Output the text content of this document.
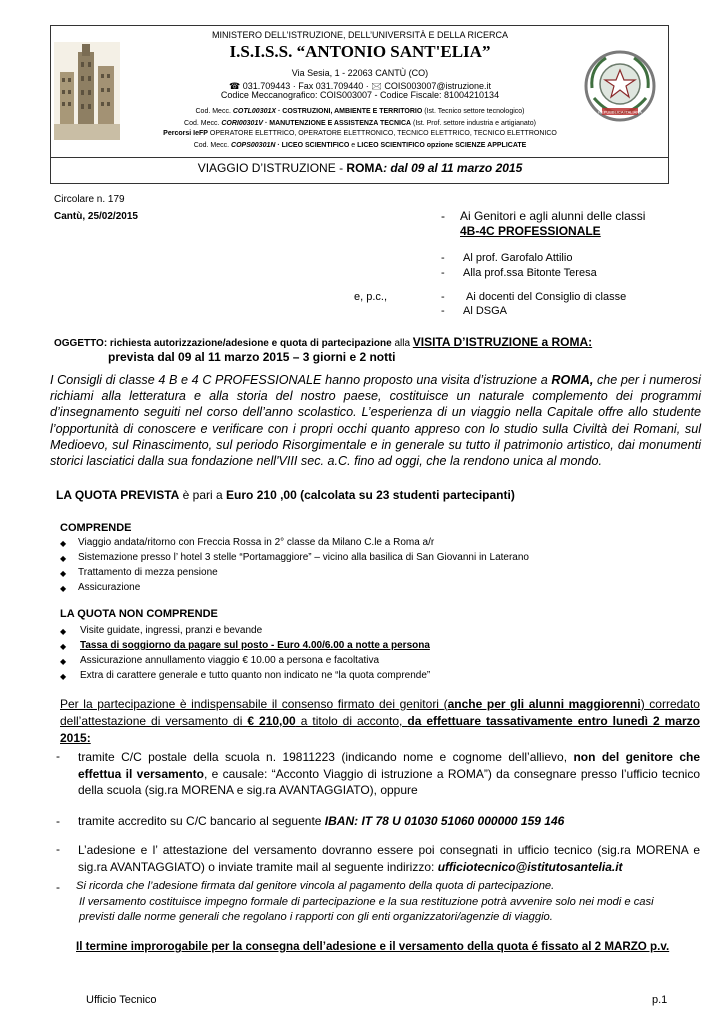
REPUBBLICA ITALIANA
MINISTERO DELL’ISTRUZIONE, DELL’UNIVERSITÀ E DELLA RICERCA
I.S.I.S.S. “ANTONIO SANT'ELIA”
Via Sesia, 1 - 22063 CANTÙ (CO)
☎ 031.709443 · Fax 031.709440 · 🖂 COIS003007@istruzione.it
Codice Meccanografico: COIS003007 - Codice Fiscale: 81004210134
Cod. Mecc. COTL00301X · COSTRUZIONI, AMBIENTE E TERRITORIO (Ist. Tecnico settore tecnologico)
Cod. Mecc. CORI00301V · MANUTENZIONE E ASSISTENZA TECNICA (Ist. Prof. settore industria e artigianato)
Percorsi IeFP OPERATORE ELETTRICO, OPERATORE ELETTRONICO, TECNICO ELETTRICO, TECNICO ELETTRONICO
Cod. Mecc. COPS00301N · LICEO SCIENTIFICO e LICEO SCIENTIFICO opzione SCIENZE APPLICATE
VIAGGIO D’ISTRUZIONE - ROMA: dal 09 al 11 marzo 2015
Circolare n. 179
Cantù, 25/02/2015	- Ai Genitori e agli alunni delle classi
4B-4C PROFESSIONALE
- Al prof. Garofalo Attilio
- Alla prof.ssa Bitonte Teresa
e, p.c.,	- Ai docenti del Consiglio di classe
- Al DSGA
OGGETTO: richiesta autorizzazione/adesione e quota di partecipazione alla VISITA D’ISTRUZIONE a ROMA:
prevista dal 09 al 11 marzo 2015 – 3 giorni e 2 notti
I Consigli di classe 4 B e 4 C PROFESSIONALE hanno proposto una visita d’istruzione a ROMA, che per i numerosi richiami alla letteratura e alla storia del nostro paese, costituisce un naturale complemento dei programmi d’insegnamento seguiti nel corso dell’anno scolastico. L’esperienza di un viaggio nella Capitale offre allo studente l’opportunità di conoscere e verificare con i propri occhi quanto appreso con lo studio sulla Civiltà dei Romani, sul Medioevo, sul Rinascimento, sul periodo Risorgimentale e in generale su tutto il patrimonio artistico, dai monumenti storici lasciatici dalla sua fondazione nell'VIII sec. a.C. fino ad oggi, che la rendono unica al mondo.
LA QUOTA PREVISTA è pari a Euro 210 ,00 (calcolata su 23 studenti partecipanti)
COMPRENDE
◆ Viaggio andata/ritorno con Freccia Rossa in 2° classe da Milano C.le a Roma a/r
◆ Sistemazione presso l’ hotel 3 stelle “Portamaggiore” – vicino alla basilica di San Giovanni in Laterano
◆ Trattamento di mezza pensione
◆ Assicurazione
LA QUOTA NON COMPRENDE
◆ Visite guidate, ingressi, pranzi e bevande
◆ Tassa di soggiorno da pagare sul posto - Euro 4.00/6.00 a notte a persona
◆ Assicurazione annullamento viaggio € 10.00 a persona e facoltativa
◆ Extra di carattere generale e tutto quanto non indicato ne “la quota comprende”
Per la partecipazione è indispensabile il consenso firmato dei genitori (anche per gli alunni maggiorenni) corredato dell’attestazione di versamento di € 210,00 a titolo di acconto, da effettuare tassativamente entro lunedì 2 marzo 2015:
- tramite C/C postale della scuola n. 19811223 (indicando nome e cognome dell’allievo, non del genitore che effettua il versamento, e causale: “Acconto Viaggio di istruzione a ROMA”) da consegnare presso l’ufficio tecnico della scuola (sig.ra MORENA e sig.ra AVANTAGGIATO), oppure
- tramite accredito su C/C bancario al seguente IBAN: IT 78 U 01030 51060 000000 159 146
- L’adesione e l’ attestazione del versamento dovranno essere poi consegnati in ufficio tecnico (sig.ra MORENA e sig.ra AVANTAGGIATO) o inviate tramite mail al seguente indirizzo: ufficiotecnico@istitutosantelia.it
- Si ricorda che l’adesione firmata dal genitore vincola al pagamento della quota di partecipazione.
Il versamento costituisce impegno formale di partecipazione e la sua restituzione potrà avvenire solo nei modi e casi
previsti dalle norme generali che regolano i rapporti con gli enti organizzatori/agenzie di viaggio.
Il termine improrogabile per la consegna dell’adesione e il versamento della quota é fissato al 2 MARZO p.v.
Ufficio Tecnico	p.1
